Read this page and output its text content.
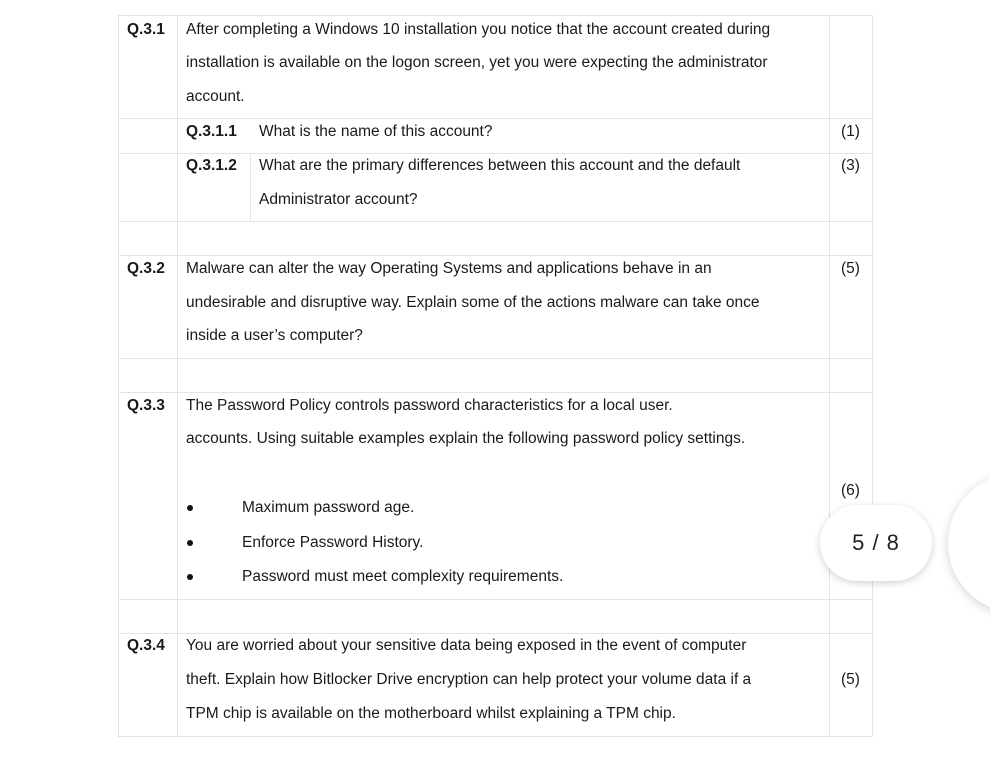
Q.3.1 After completing a Windows 10 installation you notice that the account created during
installation is available on the logon screen, yet you were expecting the administrator
account.
Q.3.1.1 What is the name of this account?	(1)
Q.3.1.2 What are the primary differences between this account and the default
Administrator account?
(3)
Q.3.2 Malware can alter the way Operating Systems and applications behave in an
undesirable and disruptive way. Explain some of the actions malware can take once
inside a user’s computer?
(5)
Q.3.3 The Password Policy controls password characteristics for a local user.
accounts. Using suitable examples explain the following password policy settings.
(6)
Maximum password age.
Enforce Password History.
Password must meet complexity requirements.
Q.3.4 You are worried about your sensitive data being exposed in the event of computer
theft. Explain how Bitlocker Drive encryption can help protect your volume data if a
TPM chip is available on the motherboard whilst explaining a TPM chip.
(5)
5 / 8
